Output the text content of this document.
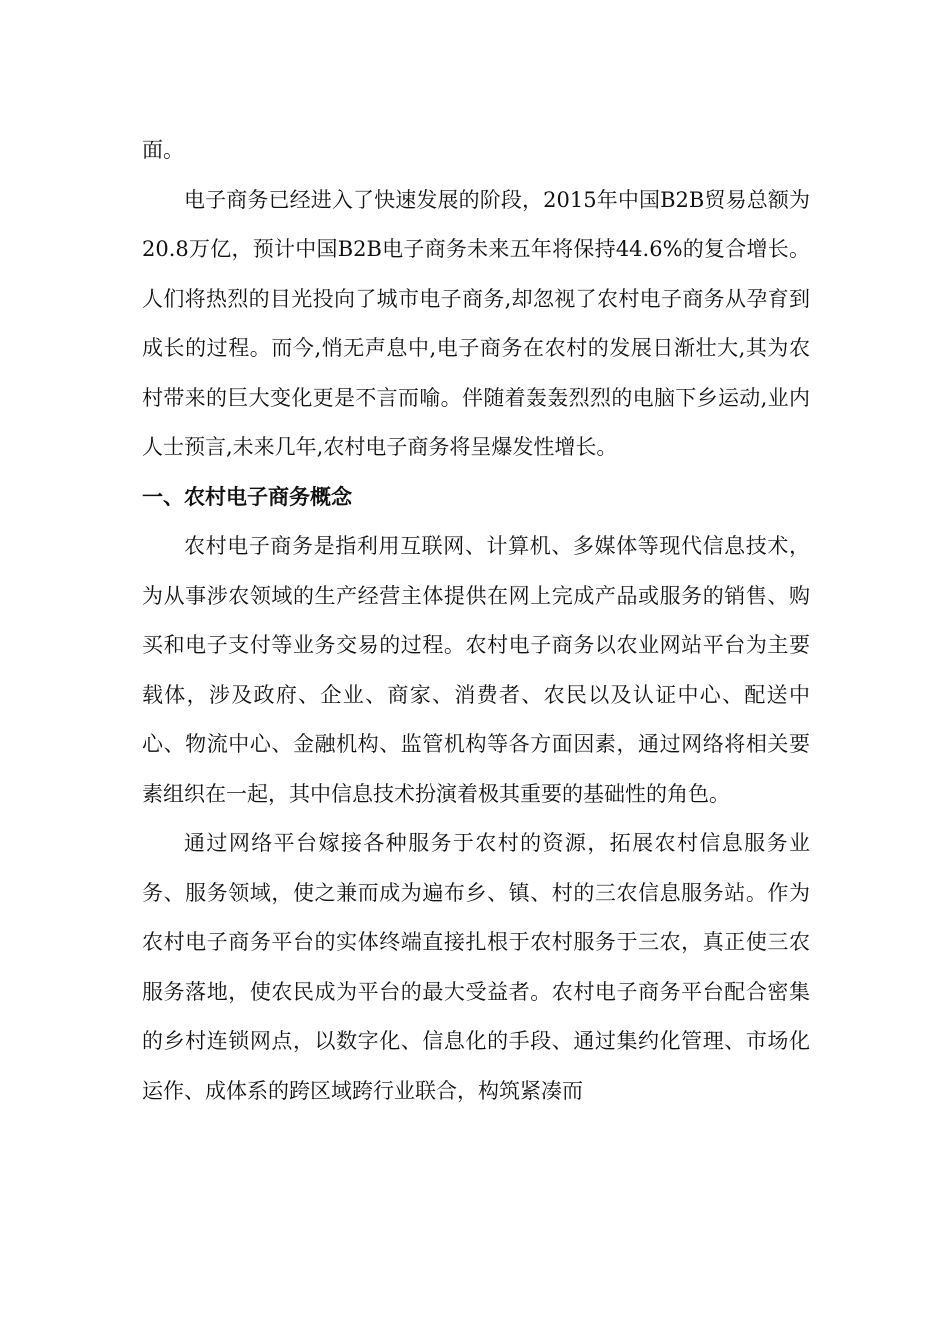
面。

电子商务已经进入了快速发展的阶段，2015年中国B2B贸易总额为20.8万亿，预计中国B2B电子商务未来五年将保持44.6%的复合增长。人们将热烈的目光投向了城市电子商务,却忽视了农村电子商务从孕育到成长的过程。而今,悄无声息中,电子商务在农村的发展日渐壮大,其为农村带来的巨大变化更是不言而喻。伴随着轰轰烈烈的电脑下乡运动,业内人士预言,未来几年,农村电子商务将呈爆发性增长。

一、农村电子商务概念

农村电子商务是指利用互联网、计算机、多媒体等现代信息技术，为从事涉农领域的生产经营主体提供在网上完成产品或服务的销售、购买和电子支付等业务交易的过程。农村电子商务以农业网站平台为主要载体，涉及政府、企业、商家、消费者、农民以及认证中心、配送中心、物流中心、金融机构、监管机构等各方面因素，通过网络将相关要素组织在一起，其中信息技术扮演着极其重要的基础性的角色。

通过网络平台嫁接各种服务于农村的资源，拓展农村信息服务业务、服务领域，使之兼而成为遍布乡、镇、村的三农信息服务站。作为农村电子商务平台的实体终端直接扎根于农村服务于三农，真正使三农服务落地，使农民成为平台的最大受益者。农村电子商务平台配合密集的乡村连锁网点，以数字化、信息化的手段、通过集约化管理、市场化运作、成体系的跨区域跨行业联合，构筑紧凑而
